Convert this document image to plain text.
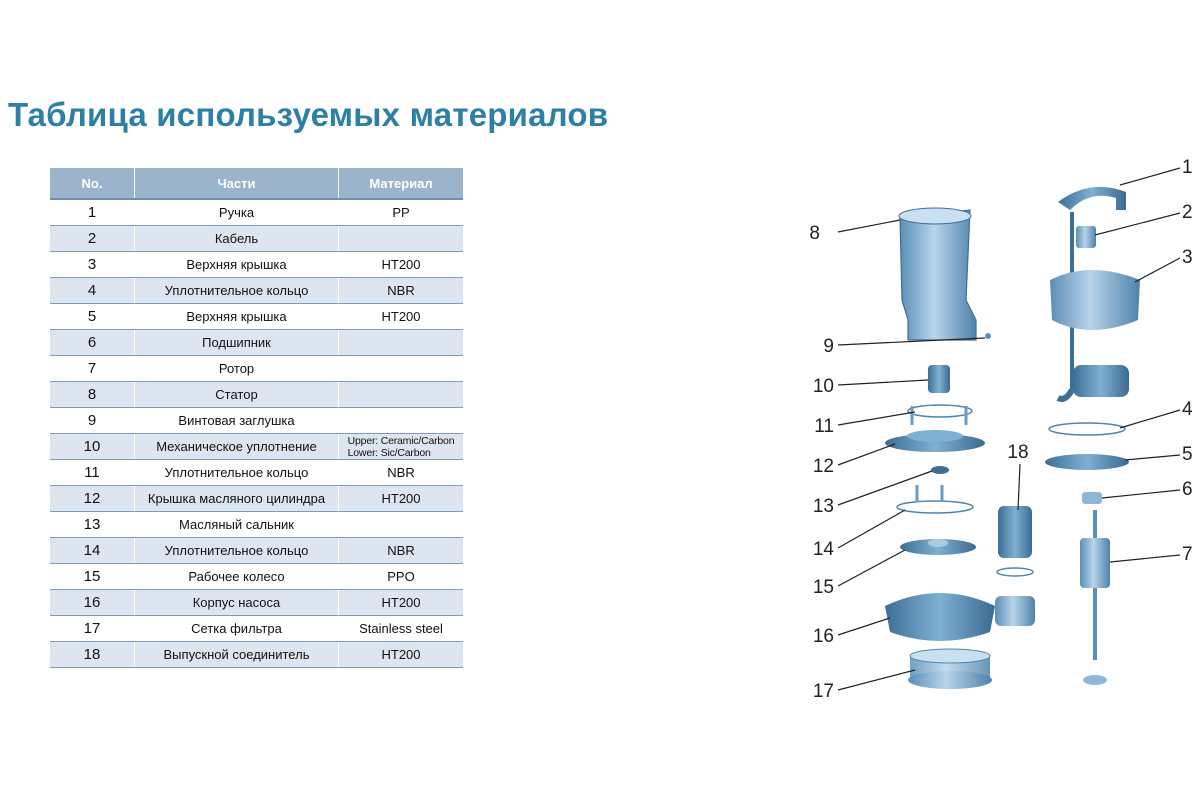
Таблица используемых материалов
No.	Части	Материал
1	Ручка	PP
2	Кабель	
3	Верхняя крышка	HT200
4	Уплотнительное кольцо	NBR
5	Верхняя крышка	HT200
6	Подшипник	
7	Ротор	
8	Статор	
9	Винтовая заглушка	
10	Механическое уплотнение	Upper: Ceramic/Carbon
Lower: Sic/Carbon
11	Уплотнительное кольцо	NBR
12	Крышка масляного цилиндра	HT200
13	Масляный сальник	
14	Уплотнительное кольцо	NBR
15	Рабочее колесо	PPO
16	Корпус насоса	HT200
17	Сетка фильтра	Stainless steel
18	Выпускной соединитель	HT200
8
9
10
11
12
13
14
15
16
17
1
2
3
4
5
6
7
18
